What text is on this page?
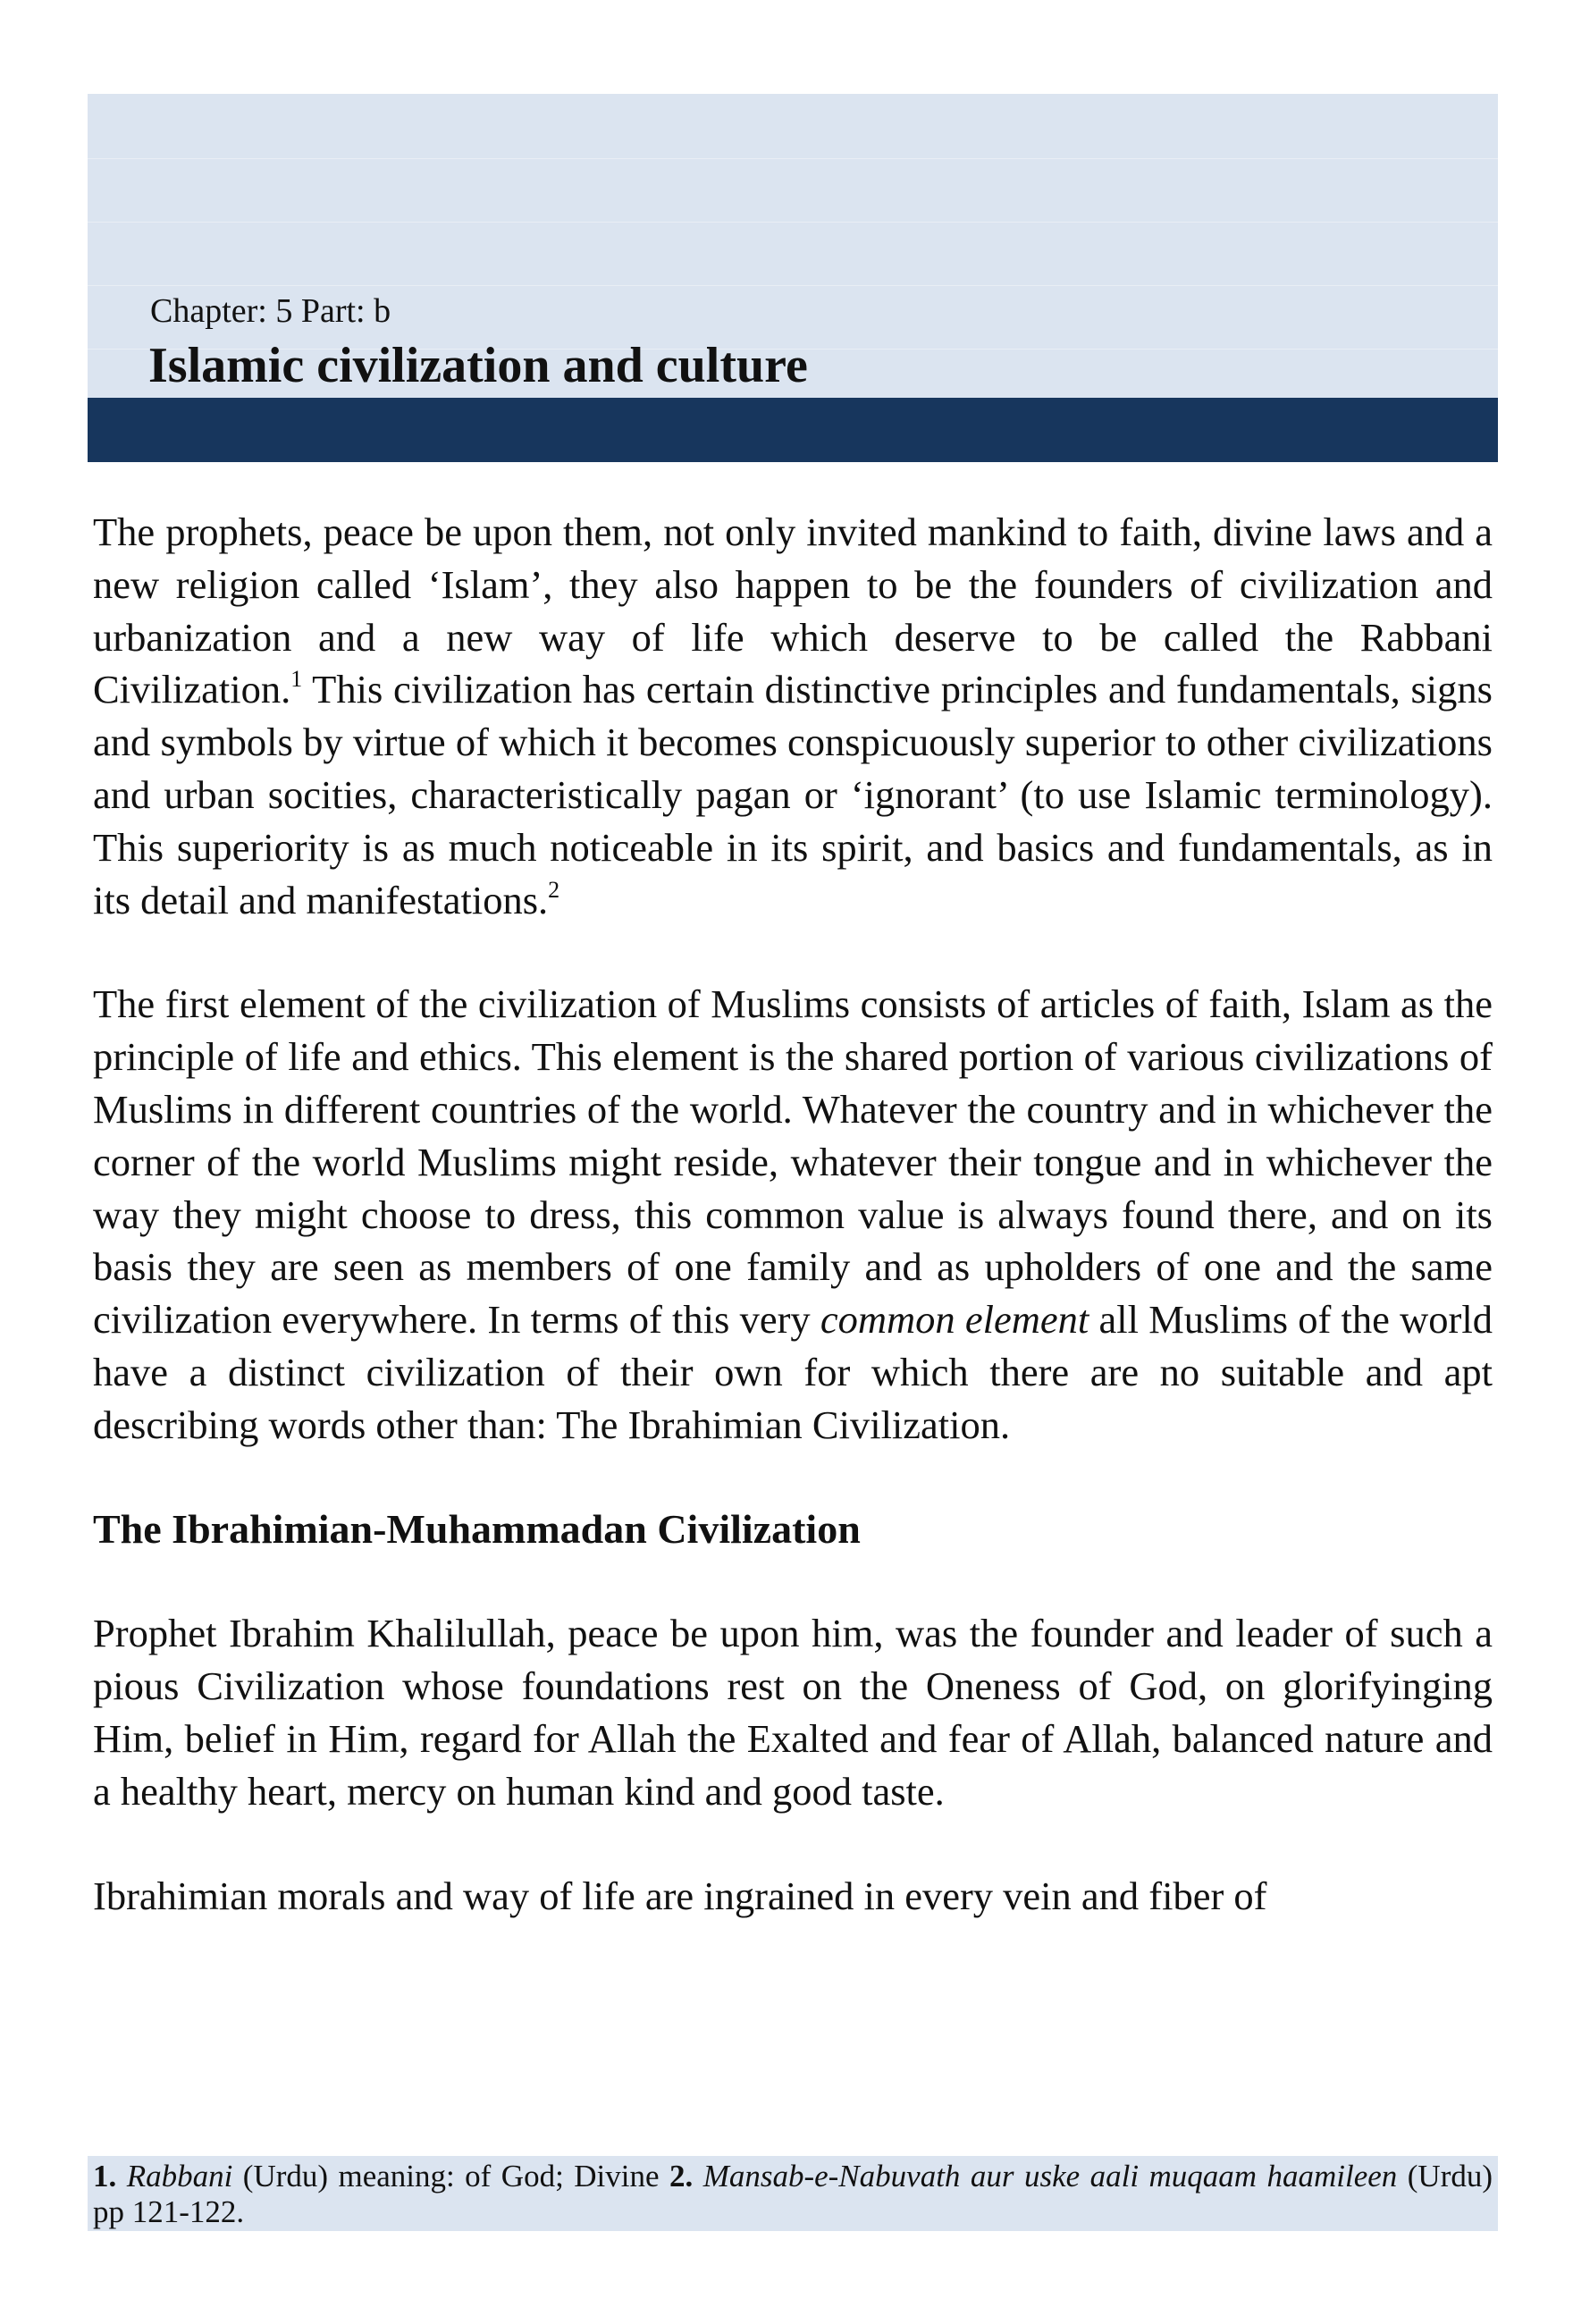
Chapter: 5 Part: b
Islamic civilization and culture

The prophets, peace be upon them, not only invited mankind to faith, divine laws and a new religion called ‘Islam’, they also happen to be the founders of civilization and urbanization and a new way of life which deserve to be called the Rabbani Civilization.$^1$ This civilization has certain distinctive principles and fundamentals, signs and symbols by virtue of which it becomes conspicuously superior to other civilizations and urban socities, characteristically pagan or ‘ignorant’ (to use Islamic terminology). This superiority is as much noticeable in its spirit, and basics and fundamentals, as in its detail and manifestations.$^2$

The first element of the civilization of Muslims consists of articles of faith, Islam as the principle of life and ethics. This element is the shared portion of various civilizations of Muslims in different countries of the world. Whatever the country and in whichever the corner of the world Muslims might reside, whatever their tongue and in whichever the way they might choose to dress, this common value is always found there, and on its basis they are seen as members of one family and as upholders of one and the same civilization everywhere. In terms of this very common element all Muslims of the world have a distinct civilization of their own for which there are no suitable and apt describing words other than: The Ibrahimian Civilization.

The Ibrahimian-Muhammadan Civilization

Prophet Ibrahim Khalilullah, peace be upon him, was the founder and leader of such a pious Civilization whose foundations rest on the Oneness of God, on glorifyinging Him, belief in Him, regard for Allah the Exalted and fear of Allah, balanced nature and a healthy heart, mercy on human kind and good taste.

Ibrahimian morals and way of life are ingrained in every vein and fiber of

1. Rabbani (Urdu) meaning: of God; Divine 2. Mansab-e-Nabuvath aur uske aali muqaam haamileen (Urdu) pp 121-122.
